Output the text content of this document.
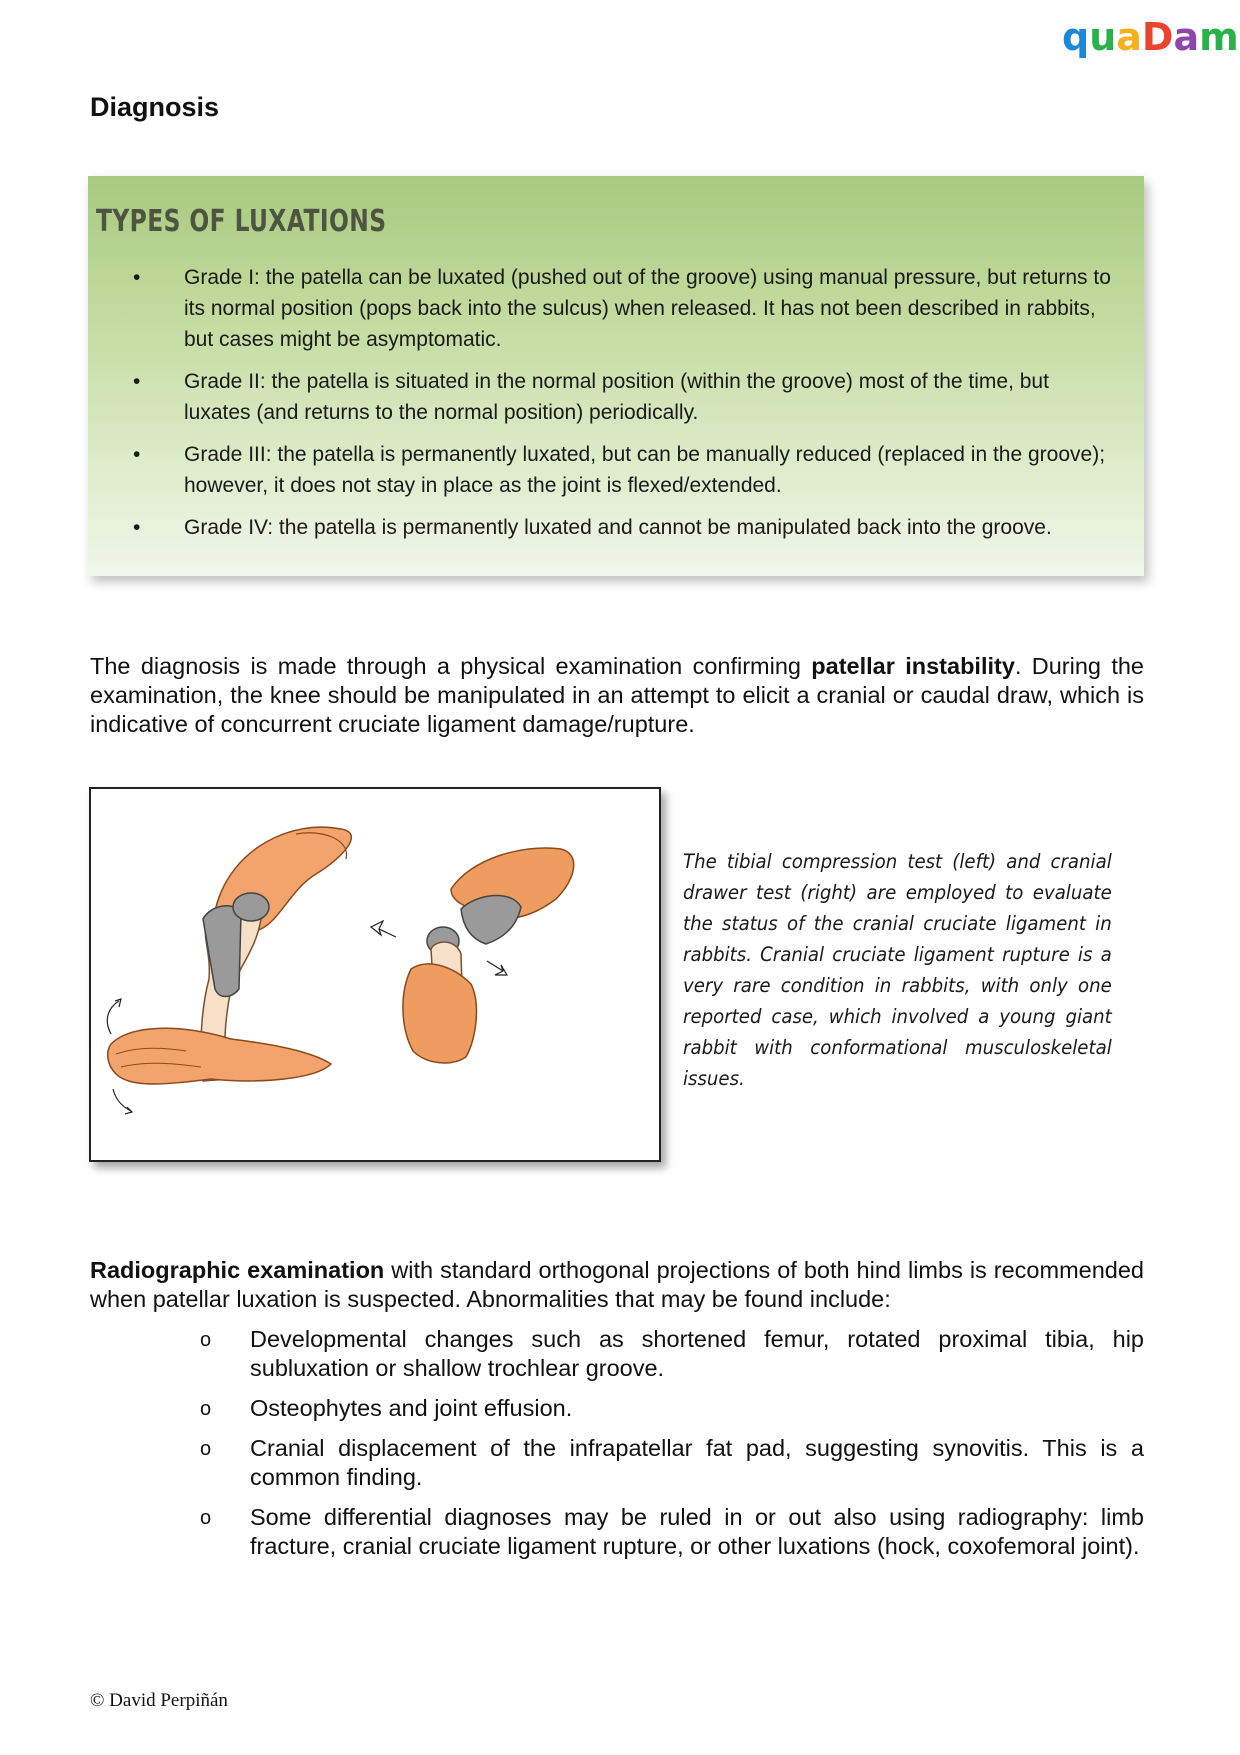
quaDam
Diagnosis
TYPES OF LUXATIONS
• Grade I: the patella can be luxated (pushed out of the groove) using manual pressure, but returns to its normal position (pops back into the sulcus) when released. It has not been described in rabbits, but cases might be asymptomatic.
• Grade II: the patella is situated in the normal position (within the groove) most of the time, but luxates (and returns to the normal position) periodically.
• Grade III: the patella is permanently luxated, but can be manually reduced (replaced in the groove); however, it does not stay in place as the joint is flexed/extended.
• Grade IV: the patella is permanently luxated and cannot be manipulated back into the groove.

The diagnosis is made through a physical examination confirming patellar instability. During the examination, the knee should be manipulated in an attempt to elicit a cranial or caudal draw, which is indicative of concurrent cruciate ligament damage/rupture.

The tibial compression test (left) and cranial drawer test (right) are employed to evaluate the status of the cranial cruciate ligament in rabbits. Cranial cruciate ligament rupture is a very rare condition in rabbits, with only one reported case, which involved a young giant rabbit with conformational musculoskeletal issues.

Radiographic examination with standard orthogonal projections of both hind limbs is recommended when patellar luxation is suspected. Abnormalities that may be found include:

o Developmental changes such as shortened femur, rotated proximal tibia, hip subluxation or shallow trochlear groove.
o Osteophytes and joint effusion.
o Cranial displacement of the infrapatellar fat pad, suggesting synovitis. This is a common finding.
o Some differential diagnoses may be ruled in or out also using radiography: limb fracture, cranial cruciate ligament rupture, or other luxations (hock, coxofemoral joint).
© David Perpiñán
